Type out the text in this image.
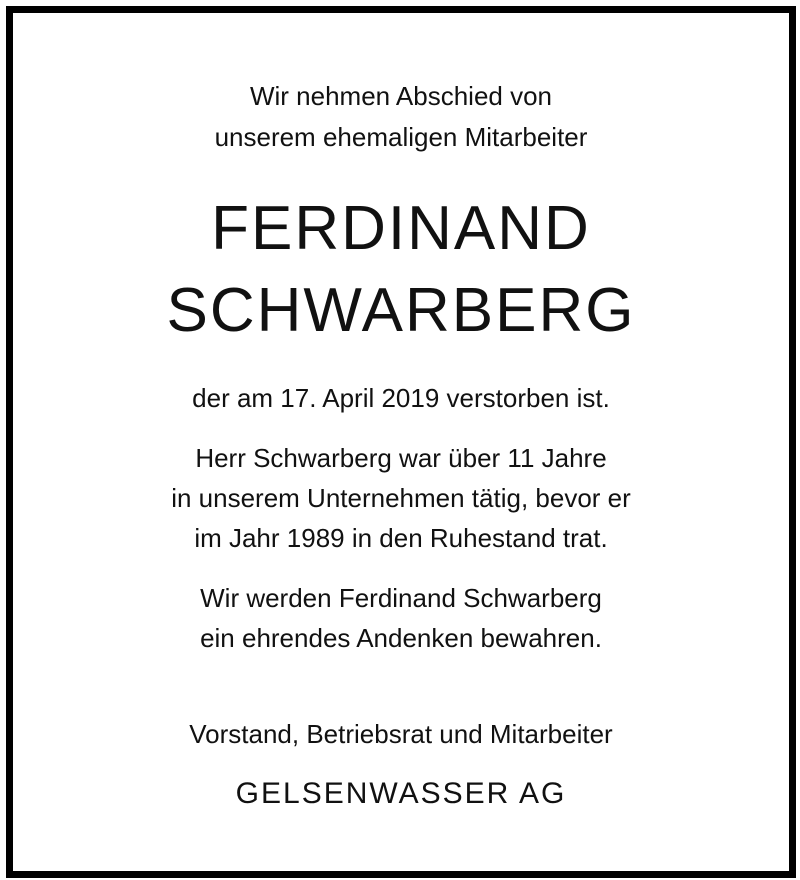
Wir nehmen Abschied von

unserem ehemaligen Mitarbeiter

FERDINAND
SCHWARBERG

der am 17. April 2019 verstorben ist.

Herr Schwarberg war über 11 Jahre

in unserem Unternehmen tätig, bevor er

im Jahr 1989 in den Ruhestand trat.

Wir werden Ferdinand Schwarberg

ein ehrendes Andenken bewahren.

Vorstand, Betriebsrat und Mitarbeiter

GELSENWASSER AG
